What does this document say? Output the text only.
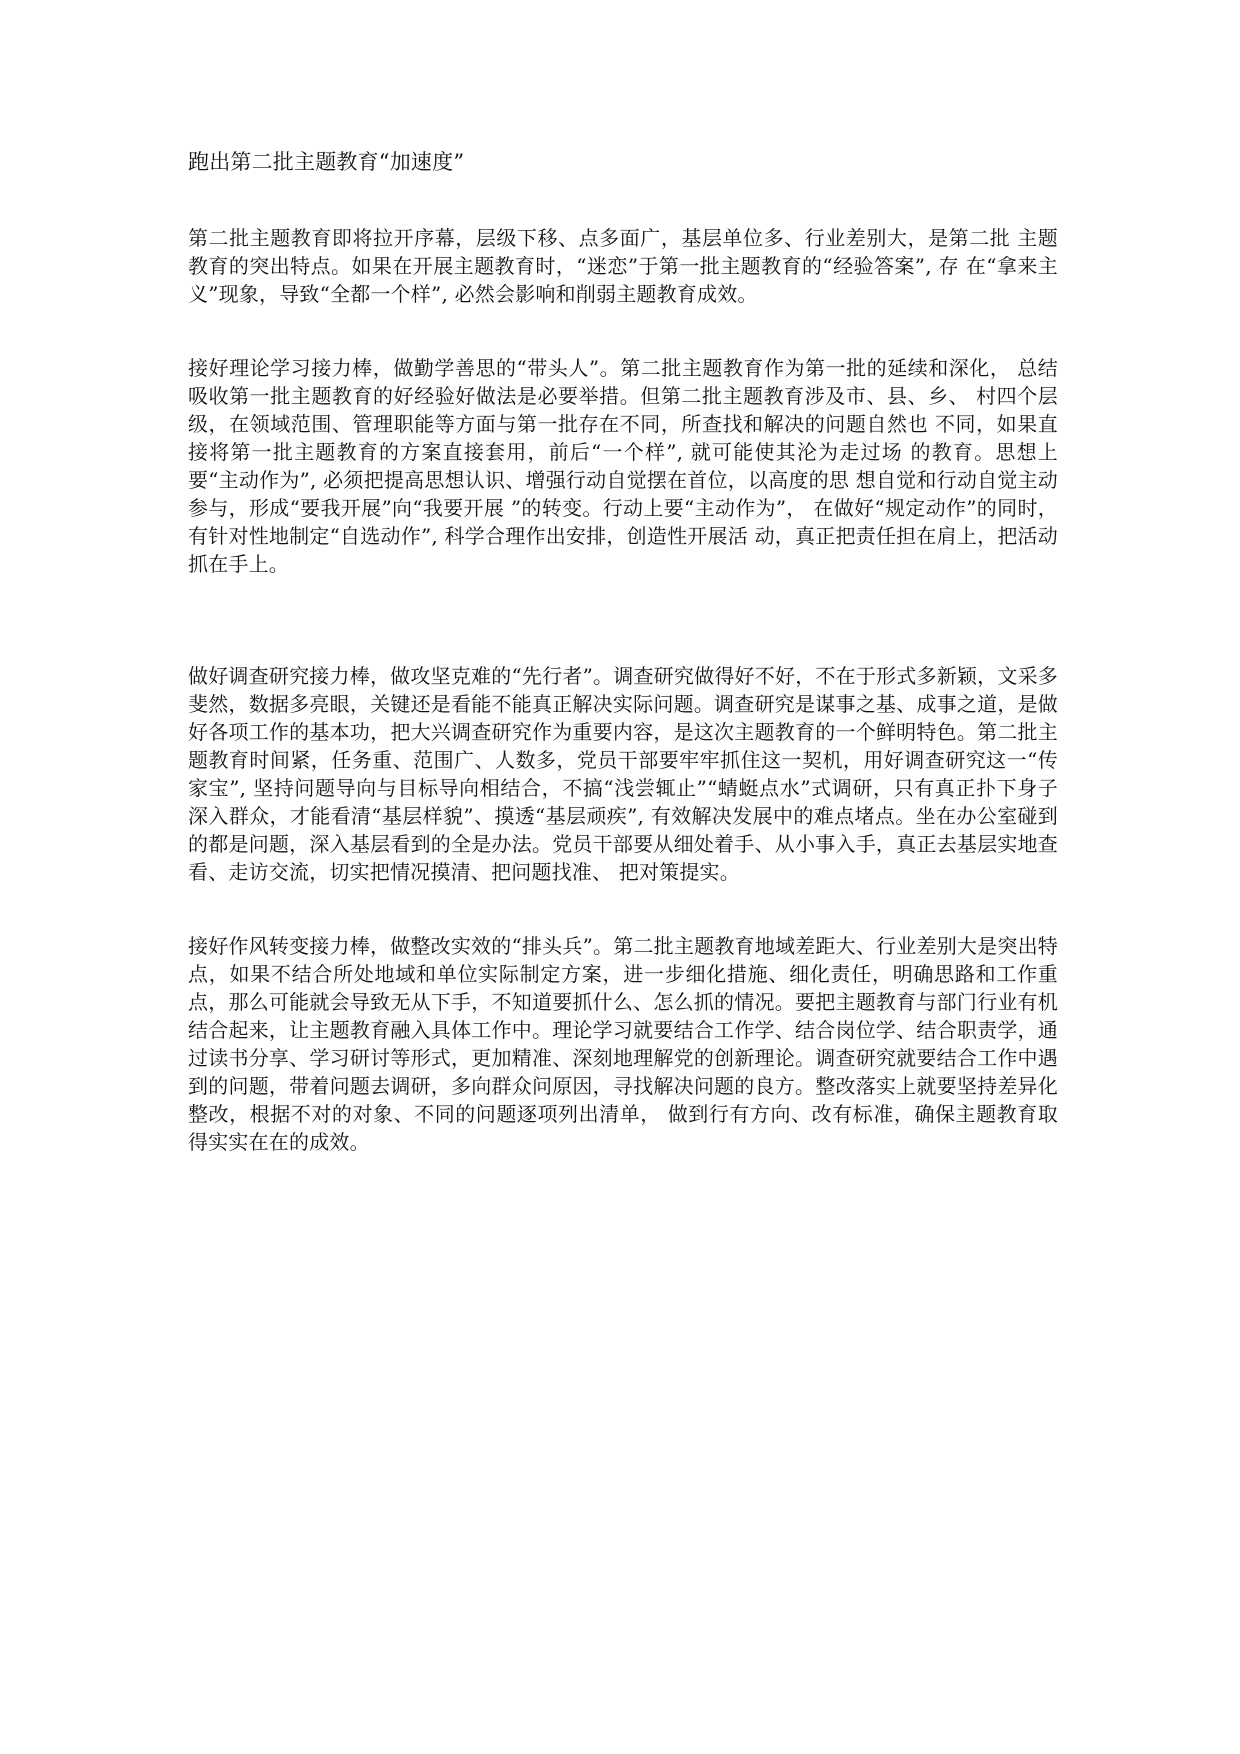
跑出第二批主题教育“加速度”

第二批主题教育即将拉开序幕，层级下移、点多面广，基层单位多、行业差别大，是第二批 主题教育的突出特点。如果在开展主题教育时，“迷恋”于第一批主题教育的“经验答案”, 存 在“拿来主义”现象，导致“全都一个样”, 必然会影响和削弱主题教育成效。

接好理论学习接力棒，做勤学善思的“带头人”。第二批主题教育作为第一批的延续和深化， 总结吸收第一批主题教育的好经验好做法是必要举措。但第二批主题教育涉及市、县、乡、 村四个层级，在领域范围、管理职能等方面与第一批存在不同，所查找和解决的问题自然也 不同，如果直接将第一批主题教育的方案直接套用，前后“一个样”, 就可能使其沦为走过场 的教育。思想上要“主动作为”, 必须把提高思想认识、增强行动自觉摆在首位，以高度的思 想自觉和行动自觉主动参与，形成“要我开展”向“我要开展 ”的转变。行动上要“主动作为”， 在做好“规定动作”的同时，有针对性地制定“自选动作”, 科学合理作出安排，创造性开展活 动，真正把责任担在肩上，把活动抓在手上。

做好调查研究接力棒，做攻坚克难的“先行者”。调查研究做得好不好，不在于形式多新颖，文采多斐然，数据多亮眼，关键还是看能不能真正解决实际问题。调查研究是谋事之基、成事之道，是做好各项工作的基本功，把大兴调查研究作为重要内容，是这次主题教育的一个鲜明特色。第二批主题教育时间紧，任务重、范围广、人数多，党员干部要牢牢抓住这一契机，用好调查研究这一“传家宝”, 坚持问题导向与目标导向相结合，不搞“浅尝辄止”“蜻蜓点水”式调研，只有真正扑下身子深入群众，才能看清“基层样貌”、摸透“基层顽疾”, 有效解决发展中的难点堵点。坐在办公室碰到的都是问题，深入基层看到的全是办法。党员干部要从细处着手、从小事入手，真正去基层实地查看、走访交流，切实把情况摸清、把问题找准、 把对策提实。

接好作风转变接力棒，做整改实效的“排头兵”。第二批主题教育地域差距大、行业差别大是突出特点，如果不结合所处地域和单位实际制定方案，进一步细化措施、细化责任，明确思路和工作重点，那么可能就会导致无从下手，不知道要抓什么、怎么抓的情况。要把主题教育与部门行业有机结合起来，让主题教育融入具体工作中。理论学习就要结合工作学、结合岗位学、结合职责学，通过读书分享、学习研讨等形式，更加精准、深刻地理解党的创新理论。调查研究就要结合工作中遇到的问题，带着问题去调研，多向群众问原因，寻找解决问题的良方。整改落实上就要坚持差异化整改，根据不对的对象、不同的问题逐项列出清单， 做到行有方向、改有标准，确保主题教育取得实实在在的成效。
